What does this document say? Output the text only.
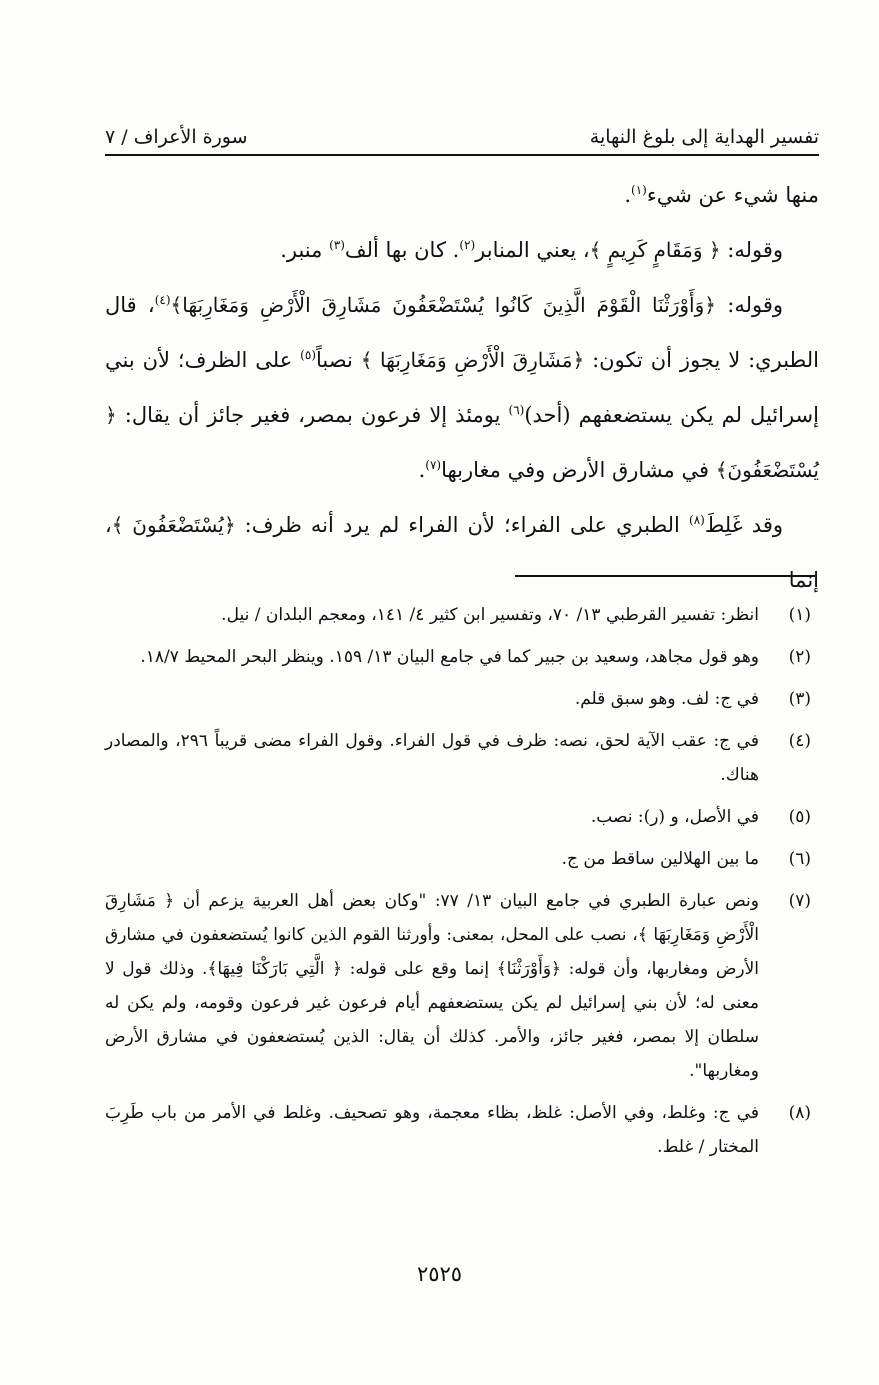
تفسير الهداية إلى بلوغ النهاية
سورة الأعراف / ٧

منها شيء عن شيء$^{(١)}$.

وقوله: ﴿ وَمَقَامٍ كَرِيمٍ ﴾، يعني المنابر$^{(٢)}$. كان بها ألف$^{(٣)}$ منبر.

وقوله: ﴿وَأَوْرَثْنَا الْقَوْمَ الَّذِينَ كَانُوا يُسْتَضْعَفُونَ مَشَارِقَ الْأَرْضِ وَمَغَارِبَهَا﴾$^{(٤)}$، قال الطبري: لا يجوز أن تكون: ﴿مَشَارِقَ الْأَرْضِ وَمَغَارِبَهَا ﴾ نصباً$^{(٥)}$ على الظرف؛ لأن بني إسرائيل لم يكن يستضعفهم (أحد)$^{(٦)}$ يومئذ إلا فرعون بمصر، فغير جائز أن يقال: ﴿ يُسْتَضْعَفُونَ﴾ في مشارق الأرض وفي مغاربها$^{(٧)}$.

وقد غَلِطَ$^{(٨)}$ الطبري على الفراء؛ لأن الفراء لم يرد أنه ظرف: ﴿يُسْتَضْعَفُونَ ﴾، إنما

(١)
انظر: تفسير القرطبي ١٣/ ٧٠، وتفسير ابن كثير ٤/ ١٤١، ومعجم البلدان / نيل.
(٢)
وهو قول مجاهد، وسعيد بن جبير كما في جامع البيان ١٣/ ١٥٩. وينظر البحر المحيط ١٨/٧.
(٣)
في ج: لف. وهو سبق قلم.
(٤)
في ج: عقب الآية لحق، نصه: ظرف في قول الفراء. وقول الفراء مضى قريباً ٢٩٦، والمصادر هناك.
(٥)
في الأصل، و (ر): نصب.
(٦)
ما بين الهلالين ساقط من ج.
(٧)
ونص عبارة الطبري في جامع البيان ١٣/ ٧٧: "وكان بعض أهل العربية يزعم أن ﴿ مَشَارِقَ الْأَرْضِ وَمَغَارِبَهَا ﴾، نصب على المحل، بمعنى: وأورثنا القوم الذين كانوا يُستضعفون في مشارق الأرض ومغاربها، وأن قوله: ﴿وَأَوْرَثْنَا﴾ إنما وقع على قوله: ﴿ الَّتِي بَارَكْنَا فِيهَا﴾. وذلك قول لا معنى له؛ لأن بني إسرائيل لم يكن يستضعفهم أيام فرعون غير فرعون وقومه، ولم يكن له سلطان إلا بمصر، فغير جائز، والأمر. كذلك أن يقال: الذين يُستضعفون في مشارق الأرض ومغاربها".
(٨)
في ج: وغلط، وفي الأصل: غلظ، بظاء معجمة، وهو تصحيف. وغلط في الأمر من باب طَرِبَ المختار / غلط.
٢٥٢٥
